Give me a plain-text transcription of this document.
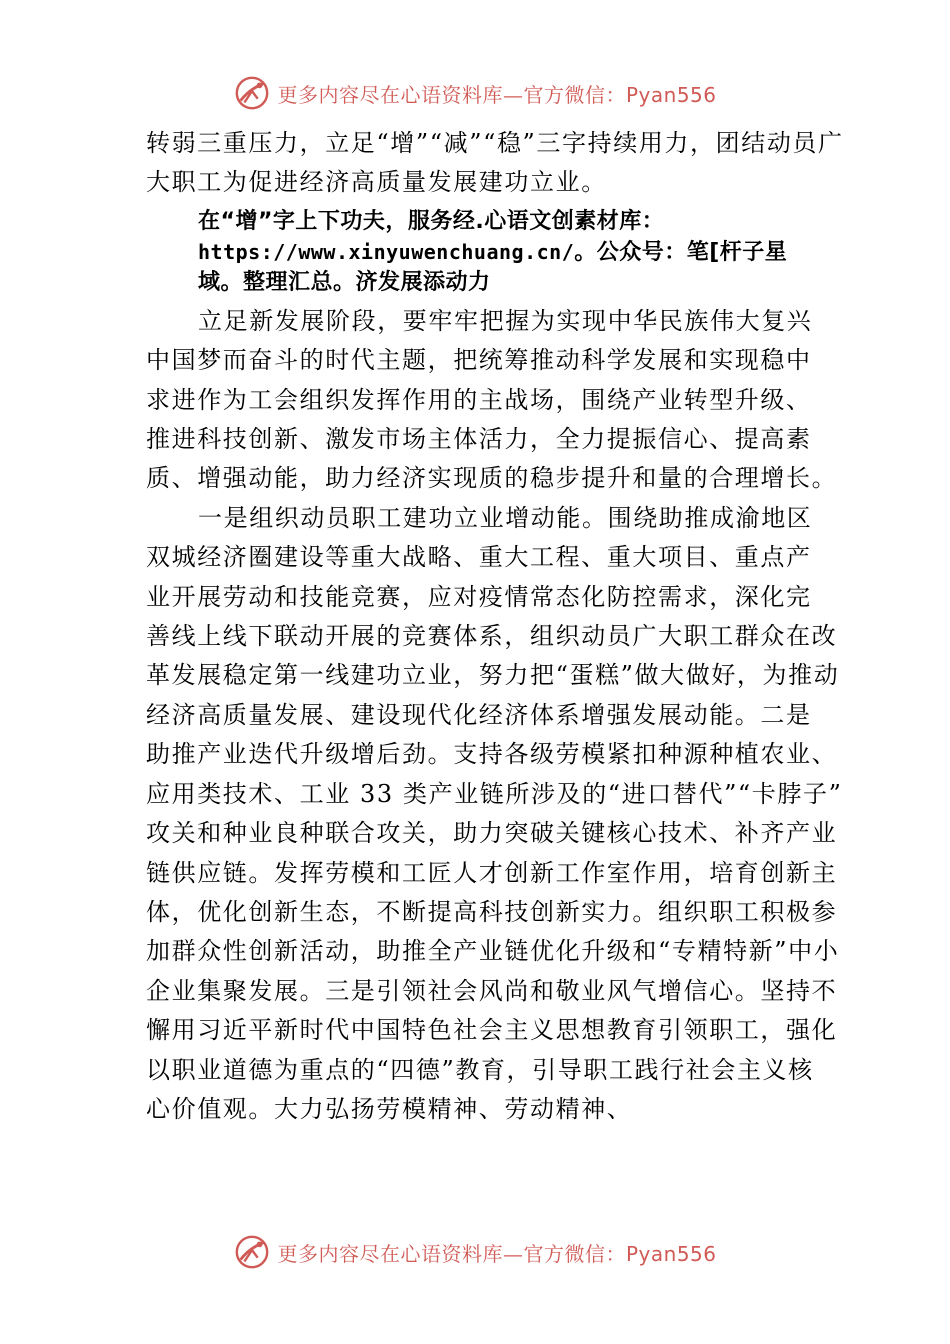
更多内容尽在心语资料库—官方微信：Pyan556

转弱三重压力，立足“增”“减”“稳”三字持续用力，团结动员广

大职工为促进经济高质量发展建功立业。

在“增”字上下功夫，服务经.心语文创素材库：

https://www.xinyuwenchuang.cn/。公众号：笔[杆子星

域。整理汇总。济发展添动力

立足新发展阶段，要牢牢把握为实现中华民族伟大复兴

中国梦而奋斗的时代主题，把统筹推动科学发展和实现稳中

求进作为工会组织发挥作用的主战场，围绕产业转型升级、

推进科技创新、激发市场主体活力，全力提振信心、提高素

质、增强动能，助力经济实现质的稳步提升和量的合理增长。

一是组织动员职工建功立业增动能。围绕助推成渝地区

双城经济圈建设等重大战略、重大工程、重大项目、重点产

业开展劳动和技能竞赛，应对疫情常态化防控需求，深化完

善线上线下联动开展的竞赛体系，组织动员广大职工群众在改

革发展稳定第一线建功立业，努力把“蛋糕”做大做好，为推动

经济高质量发展、建设现代化经济体系增强发展动能。二是

助推产业迭代升级增后劲。支持各级劳模紧扣种源种植农业、

应用类技术、工业 33 类产业链所涉及的“进口替代”“卡脖子”

攻关和种业良种联合攻关，助力突破关键核心技术、补齐产业

链供应链。发挥劳模和工匠人才创新工作室作用，培育创新主

体，优化创新生态，不断提高科技创新实力。组织职工积极参

加群众性创新活动，助推全产业链优化升级和“专精特新”中小

企业集聚发展。三是引领社会风尚和敬业风气增信心。坚持不

懈用习近平新时代中国特色社会主义思想教育引领职工，强化

以职业道德为重点的“四德”教育，引导职工践行社会主义核

心价值观。大力弘扬劳模精神、劳动精神、

更多内容尽在心语资料库—官方微信：Pyan556
